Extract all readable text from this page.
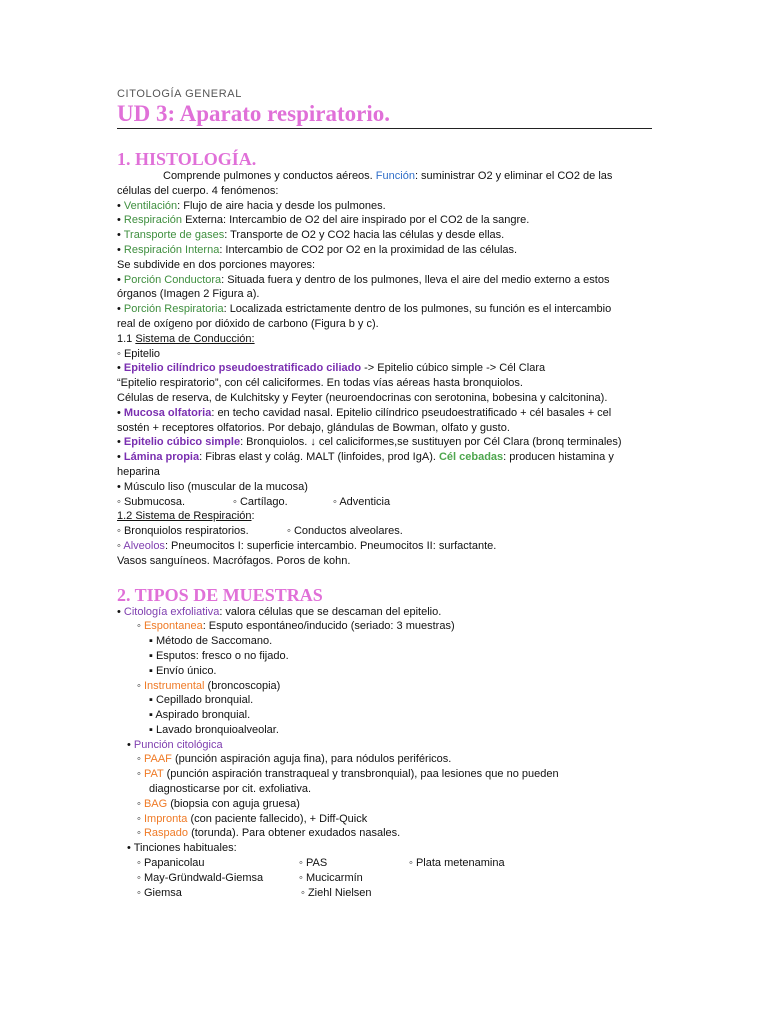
CITOLOGÍA GENERAL
UD 3: Aparato respiratorio.
1. HISTOLOGÍA.
Comprende pulmones y conductos aéreos. Función: suministrar O2 y eliminar el CO2 de las
células del cuerpo. 4 fenómenos:
• Ventilación: Flujo de aire hacia y desde los pulmones.
• Respiración Externa: Intercambio de O2 del aire inspirado por el CO2 de la sangre.
• Transporte de gases: Transporte de O2 y CO2 hacia las células y desde ellas.
• Respiración Interna: Intercambio de CO2 por O2 en la proximidad de las células.
Se subdivide en dos porciones mayores:
• Porción Conductora: Situada fuera y dentro de los pulmones, lleva el aire del medio externo a estos
órganos (Imagen 2 Figura a).
• Porción Respiratoria: Localizada estrictamente dentro de los pulmones, su función es el intercambio
real de oxígeno por dióxido de carbono (Figura b y c).
1.1 Sistema de Conducción:
◦ Epitelio
• Epitelio cilíndrico pseudoestratificado ciliado -> Epitelio cúbico simple -> Cél Clara
“Epitelio respiratorio”, con cél caliciformes. En todas vías aéreas hasta bronquiolos.
Células de reserva, de Kulchitsky y Feyter (neuroendocrinas con serotonina, bobesina y calcitonina).
• Mucosa olfatoria: en techo cavidad nasal. Epitelio cilíndrico pseudoestratificado + cél basales + cel
sostén + receptores olfatorios. Por debajo, glándulas de Bowman, olfato y gusto.
• Epitelio cúbico simple: Bronquiolos. ↓ cel caliciformes,se sustituyen por Cél Clara (bronq terminales)
• Lámina propia: Fibras elast y colág. MALT (linfoides, prod IgA). Cél cebadas: producen histamina y
heparina
• Músculo liso (muscular de la mucosa)
◦ Submucosa.	◦ Cartílago.	◦ Adventicia
1.2 Sistema de Respiración:
◦ Bronquiolos respiratorios.	◦ Conductos alveolares.
◦ Alveolos: Pneumocitos I: superficie intercambio. Pneumocitos II: surfactante.
Vasos sanguíneos. Macrófagos. Poros de kohn.
2. TIPOS DE MUESTRAS
• Citología exfoliativa: valora células que se descaman del epitelio.
◦ Espontanea: Esputo espontáneo/inducido (seriado: 3 muestras)
▪ Método de Saccomano.
▪ Esputos: fresco o no fijado.
▪ Envío único.
◦ Instrumental (broncoscopia)
▪ Cepillado bronquial.
▪ Aspirado bronquial.
▪ Lavado bronquioalveolar.
• Punción citológica
◦ PAAF (punción aspiración aguja fina), para nódulos periféricos.
◦ PAT (punción aspiración transtraqueal y transbronquial), paa lesiones que no pueden
diagnosticarse por cit. exfoliativa.
◦ BAG (biopsia con aguja gruesa)
◦ Impronta (con paciente fallecido), + Diff-Quick
◦ Raspado (torunda). Para obtener exudados nasales.
• Tinciones habituales:
◦ Papanicolau	◦ PAS	◦ Plata metenamina
◦ May-Gründwald-Giemsa	◦ Mucicarmín
◦ Giemsa	◦ Ziehl Nielsen
